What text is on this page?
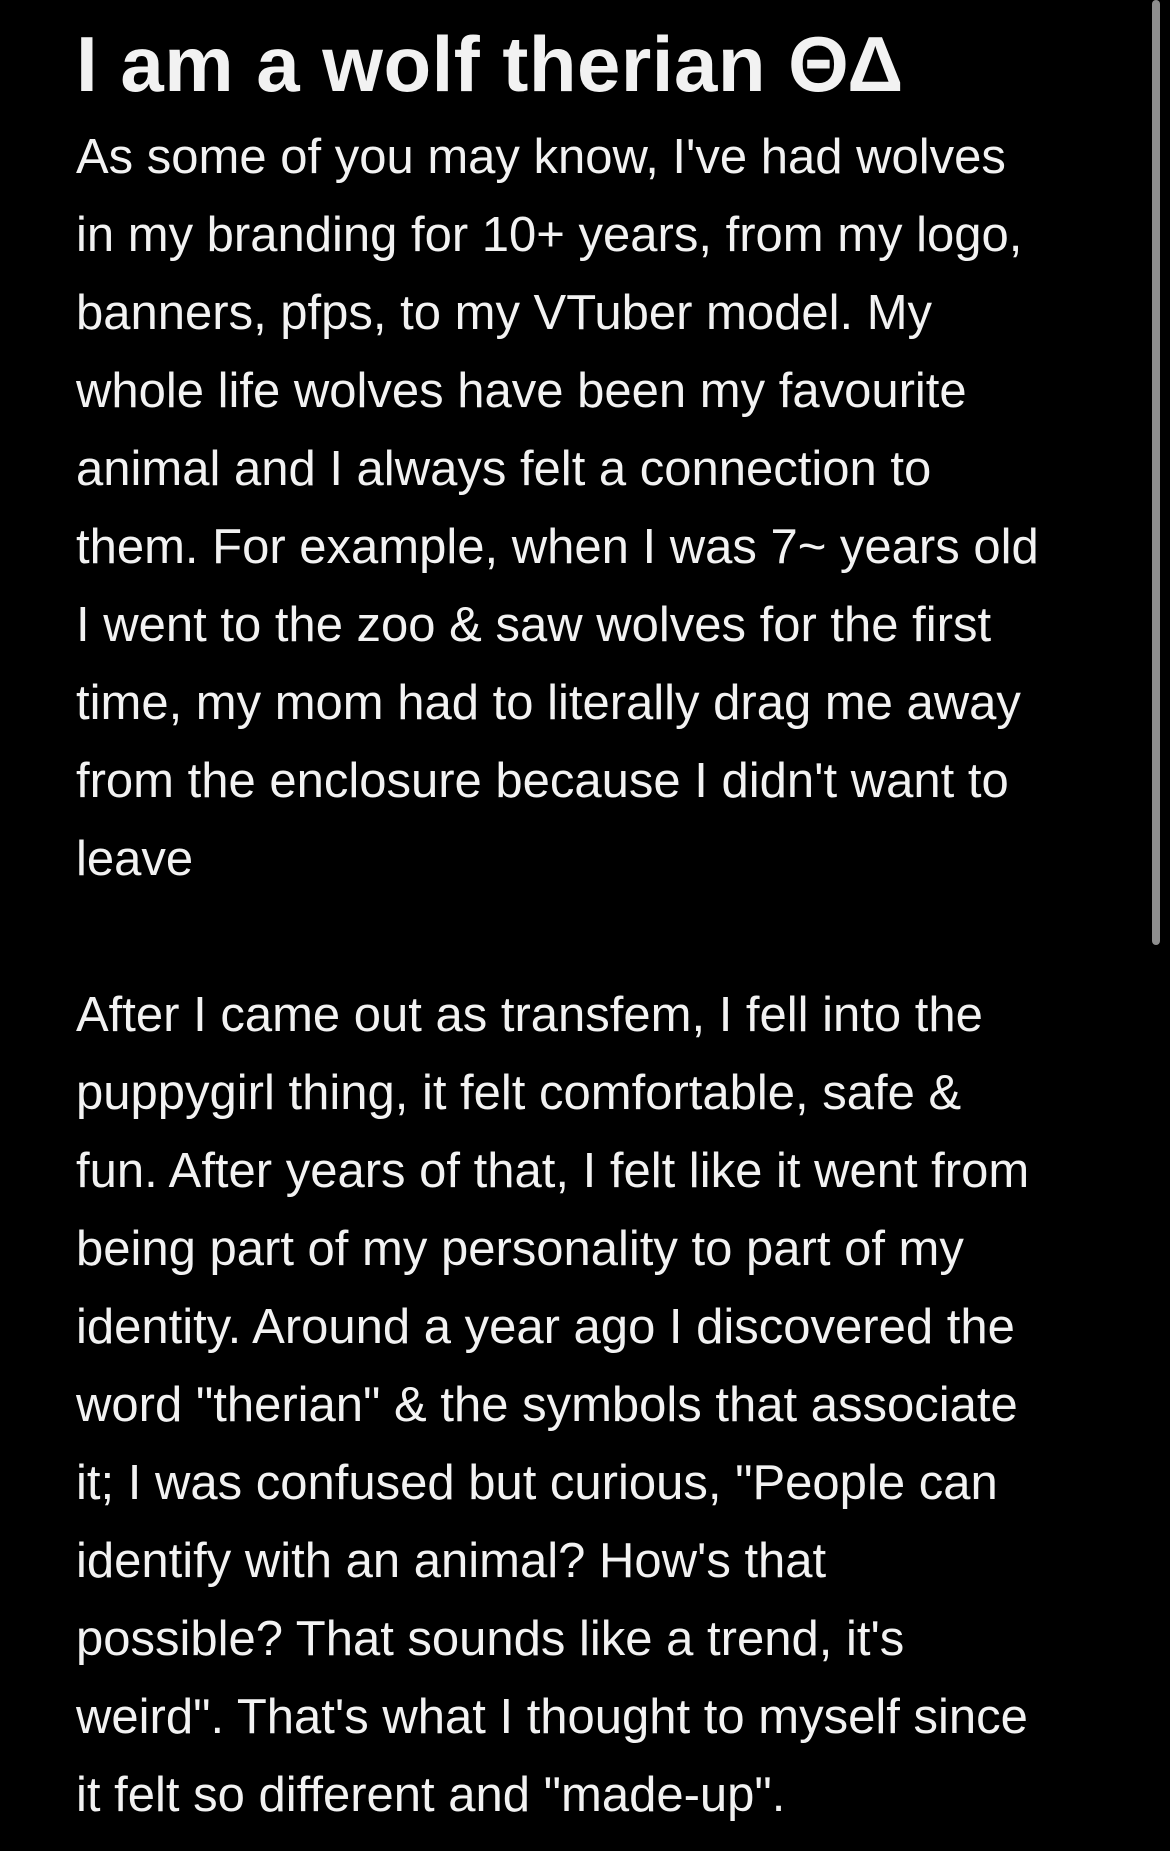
I am a wolf therian ΘΔ

As some of you may know, I've had wolves
in my branding for 10+ years, from my logo,
banners, pfps, to my VTuber model. My
whole life wolves have been my favourite
animal and I always felt a connection to
them. For example, when I was 7~ years old
I went to the zoo & saw wolves for the first
time, my mom had to literally drag me away
from the enclosure because I didn't want to
leave

After I came out as transfem, I fell into the
puppygirl thing, it felt comfortable, safe &
fun. After years of that, I felt like it went from
being part of my personality to part of my
identity. Around a year ago I discovered the
word "therian" & the symbols that associate
it; I was confused but curious, "People can
identify with an animal? How's that
possible? That sounds like a trend, it's
weird". That's what I thought to myself since
it felt so different and "made-up".
